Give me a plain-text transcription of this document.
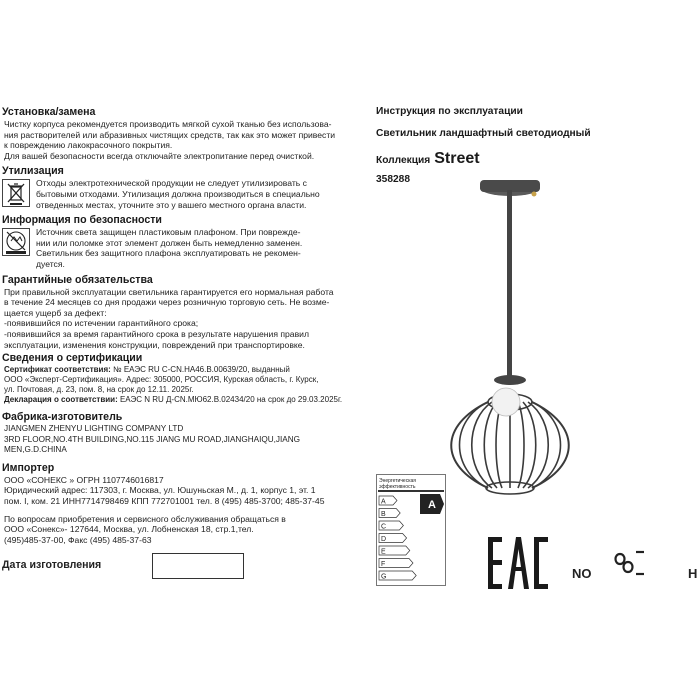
Установка/замена

Чистку корпуса рекомендуется производить мягкой сухой тканью без использова-

ния растворителей или абразивных чистящих средств, так как это может привести

к повреждению лакокрасочного покрытия.

Для вашей безопасности всегда отключайте электропитание перед очисткой.

Утилизация

Отходы электротехнической продукции не следует утилизировать с

бытовыми отходами. Утилизация должна производиться в специально

отведенных местах, уточните это у вашего местного органа власти.

Информация по безопасности

Источник света защищен пластиковым плафоном. При поврежде-

нии или поломке этот элемент должен быть немедленно заменен.

Светильник без защитного плафона эксплуатировать не рекомен-

дуется.

Гарантийные обязательства

При правильной эксплуатации светильника гарантируется его нормальная работа

в течение 24 месяцев со дня продажи через розничную торговую сеть. Не возме-

щается ущерб за дефект:

-появившийся по истечении гарантийного срока;

-появившийся за время гарантийного срока в результате нарушения правил

эксплуатации, изменения конструкции, повреждений при транспортировке.

Сведения о сертификации

Сертификат соответствия: № ЕАЭС RU C-CN.НА46.В.00639/20, выданный

ООО «Эксперт-Сертификация». Адрес: 305000, РОССИЯ, Курская область, г. Курск,

ул. Почтовая, д. 23, пом. 8, на срок до 12.11. 2025г.

Декларация о соответствии: ЕАЭС N RU Д-CN.МЮ62.В.02434/20 на срок до 29.03.2025г.

Фабрика-изготовитель

JIANGMEN ZHENYU LIGHTING COMPANY LTD

3RD FLOOR,NO.4TH BUILDING,NO.115 JIANG MU ROAD,JIANGHAIQU,JIANG MEN,G.D.CHINA

Импортер

ООО «СОНЕКС » ОГРН 1107746016817

Юридический адрес: 117303, г. Москва, ул. Юшуньская М., д. 1, корпус 1, эт. 1

пом. I, ком. 21 ИНН7714798469 КПП 772701001 тел. 8 (495) 485-3700; 485-37-45

По вопросам приобретения и сервисного обслуживания обращаться в

ООО «Сонекс»- 127644, Москва, ул. Лобненская 18, стр.1,тел.

(495)485-37-00, Факс (495) 485-37-63

Дата изготовления
Инструкция по эксплуатации
Светильник ландшафтный светодиодный
Коллекция Street
358288
Энергетическая
эффективность
A
B
C
D
E
F
G
A
NO	H
